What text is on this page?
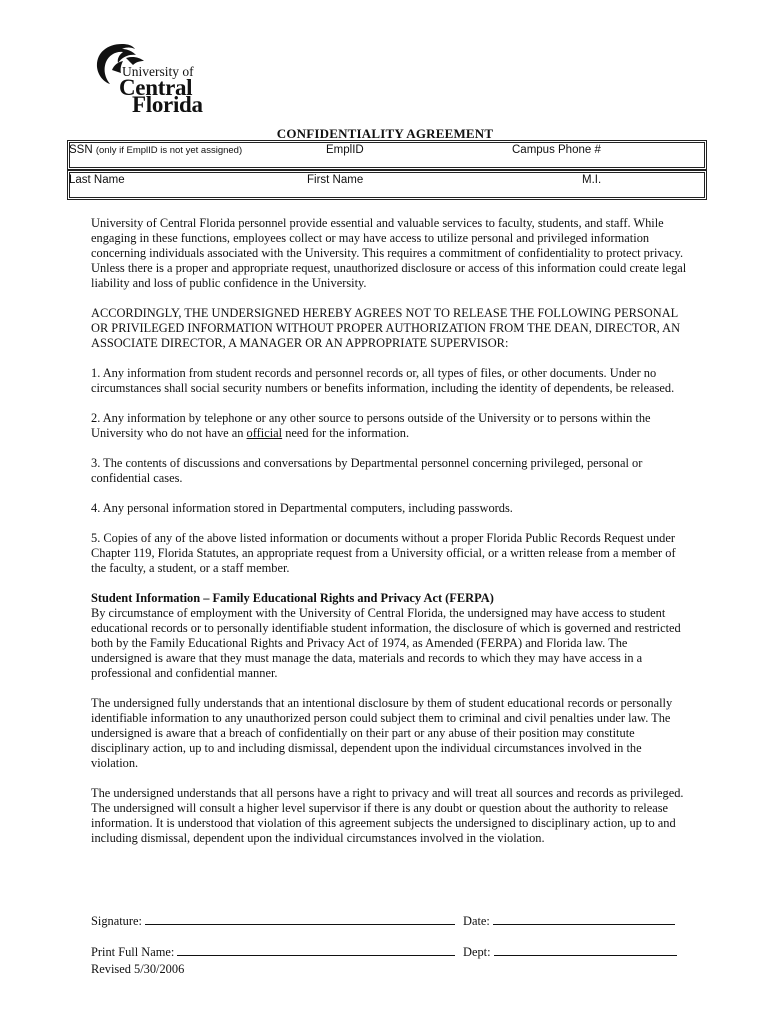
University of
Central
Florida
CONFIDENTIALITY AGREEMENT
SSN (only if EmplID is not yet assigned)	EmplID	Campus Phone #
Last Name	First Name	M.I.

University of Central Florida personnel provide essential and valuable services to faculty, students, and staff. While engaging in these functions, employees collect or may have access to utilize personal and privileged information concerning individuals associated with the University. This requires a commitment of confidentiality to protect privacy. Unless there is a proper and appropriate request, unauthorized disclosure or access of this information could create legal liability and loss of public confidence in the University.

ACCORDINGLY, THE UNDERSIGNED HEREBY AGREES NOT TO RELEASE THE FOLLOWING PERSONAL OR PRIVILEGED INFORMATION WITHOUT PROPER AUTHORIZATION FROM THE DEAN, DIRECTOR, AN ASSOCIATE DIRECTOR, A MANAGER OR AN APPROPRIATE SUPERVISOR:

1. Any information from student records and personnel records or, all types of files, or other documents. Under no circumstances shall social security numbers or benefits information, including the identity of dependents, be released.

2. Any information by telephone or any other source to persons outside of the University or to persons within the University who do not have an official need for the information.

3. The contents of discussions and conversations by Departmental personnel concerning privileged, personal or confidential cases.

4. Any personal information stored in Departmental computers, including passwords.

5. Copies of any of the above listed information or documents without a proper Florida Public Records Request under Chapter 119, Florida Statutes, an appropriate request from a University official, or a written release from a member of the faculty, a student, or a staff member.

Student Information – Family Educational Rights and Privacy Act (FERPA)

By circumstance of employment with the University of Central Florida, the undersigned may have access to student educational records or to personally identifiable student information, the disclosure of which is governed and restricted both by the Family Educational Rights and Privacy Act of 1974, as Amended (FERPA) and Florida law. The undersigned is aware that they must manage the data, materials and records to which they may have access in a professional and confidential manner.

The undersigned fully understands that an intentional disclosure by them of student educational records or personally identifiable information to any unauthorized person could subject them to criminal and civil penalties under law. The undersigned is aware that a breach of confidentially on their part or any abuse of their position may constitute disciplinary action, up to and including dismissal, dependent upon the individual circumstances involved in the violation.

The undersigned understands that all persons have a right to privacy and will treat all sources and records as privileged. The undersigned will consult a higher level supervisor if there is any doubt or question about the authority to release information. It is understood that violation of this agreement subjects the undersigned to disciplinary action, up to and including dismissal, dependent upon the individual circumstances involved in the violation.

Signature:	Date:
Print Full Name:	Dept:
Revised 5/30/2006
